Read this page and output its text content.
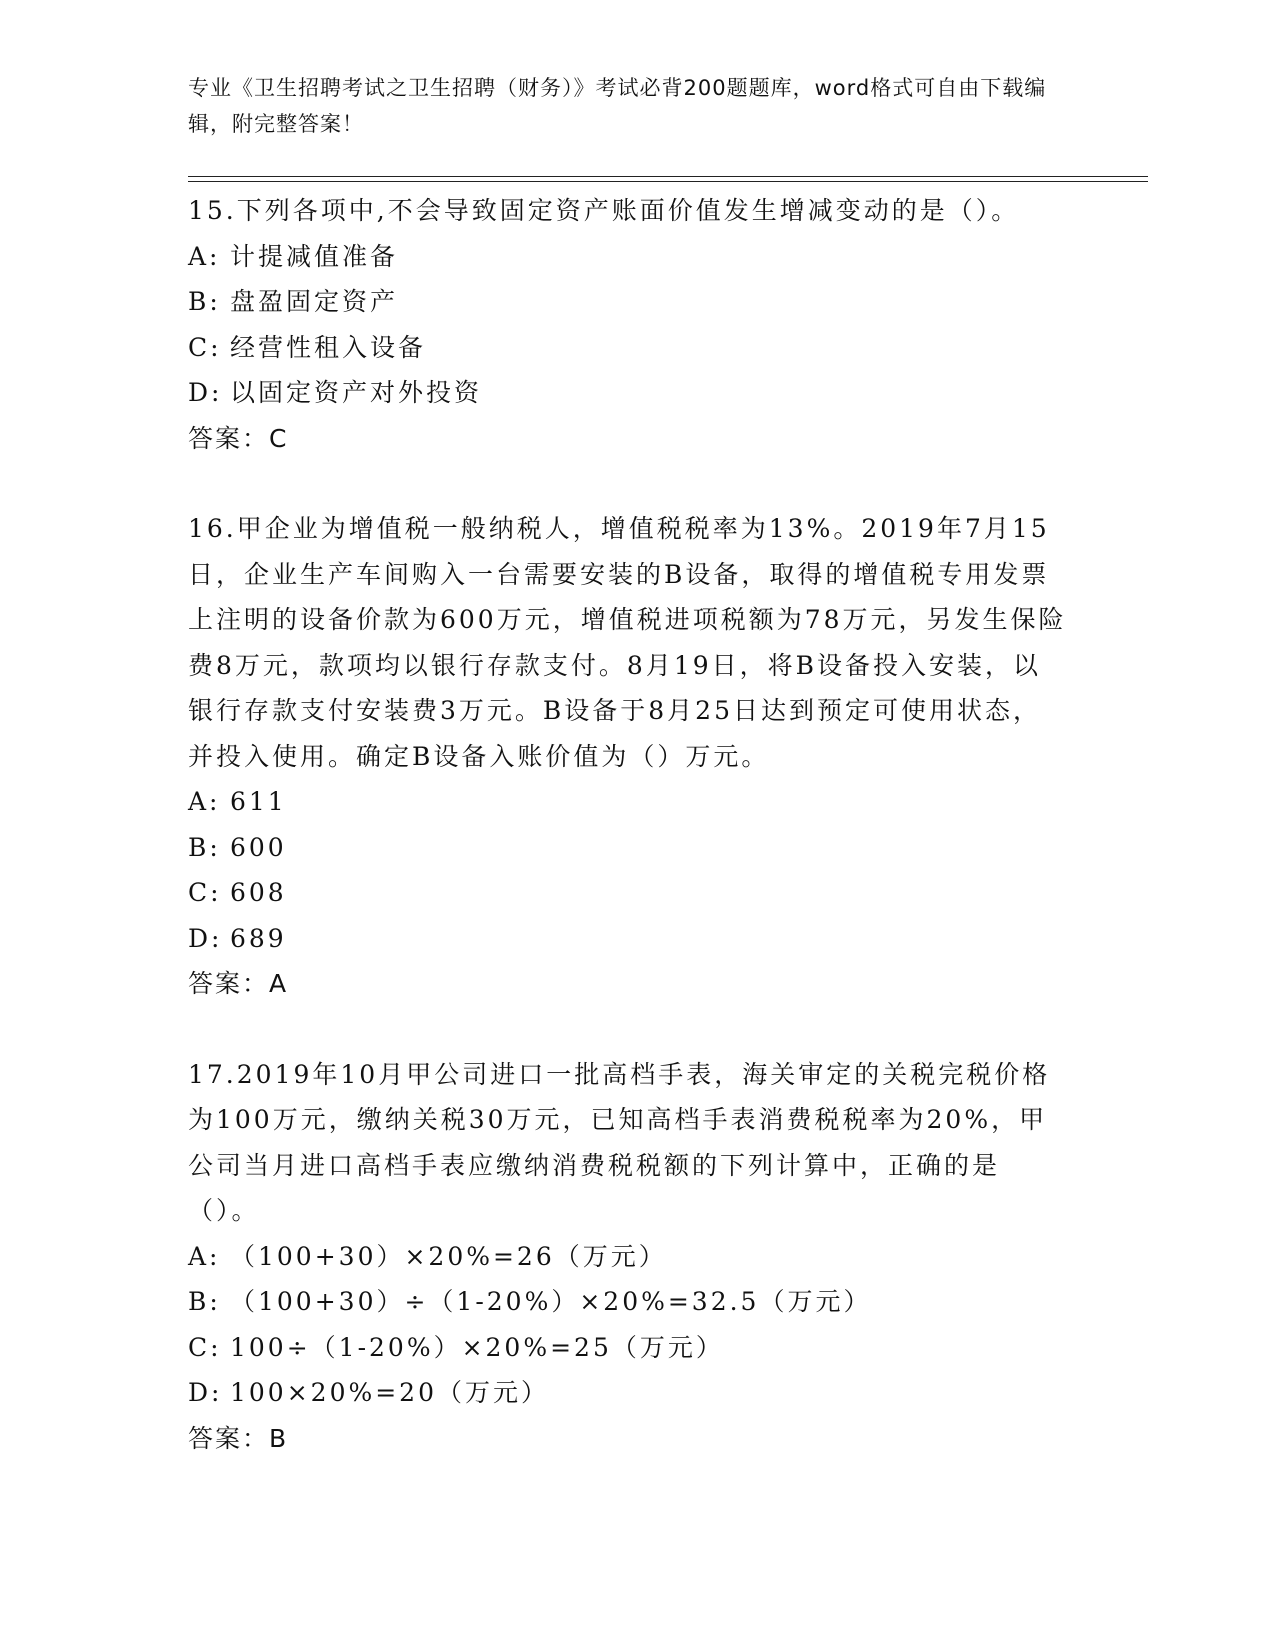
专业《卫生招聘考试之卫生招聘（财务）》考试必背200题题库，word格式可自由下载编辑，附完整答案！

15.下列各项中,不会导致固定资产账面价值发生增减变动的是（）。

A: 计提减值准备

B: 盘盈固定资产

C: 经营性租入设备

D: 以固定资产对外投资

答案：C

16.甲企业为增值税一般纳税人，增值税税率为13%。2019年7月15日，企业生产车间购入一台需要安装的B设备，取得的增值税专用发票上注明的设备价款为600万元，增值税进项税额为78万元，另发生保险费8万元，款项均以银行存款支付。8月19日，将B设备投入安装，以银行存款支付安装费3万元。B设备于8月25日达到预定可使用状态，并投入使用。确定B设备入账价值为（）万元。

A: 611

B: 600

C: 608

D: 689

答案：A

17.2019年10月甲公司进口一批高档手表，海关审定的关税完税价格为100万元，缴纳关税30万元，已知高档手表消费税税率为20%，甲公司当月进口高档手表应缴纳消费税税额的下列计算中，正确的是（）。

A: （100+30）×20%=26（万元）

B: （100+30）÷（1-20%）×20%=32.5（万元）

C: 100÷（1-20%）×20%=25（万元）

D: 100×20%=20（万元）

答案：B
